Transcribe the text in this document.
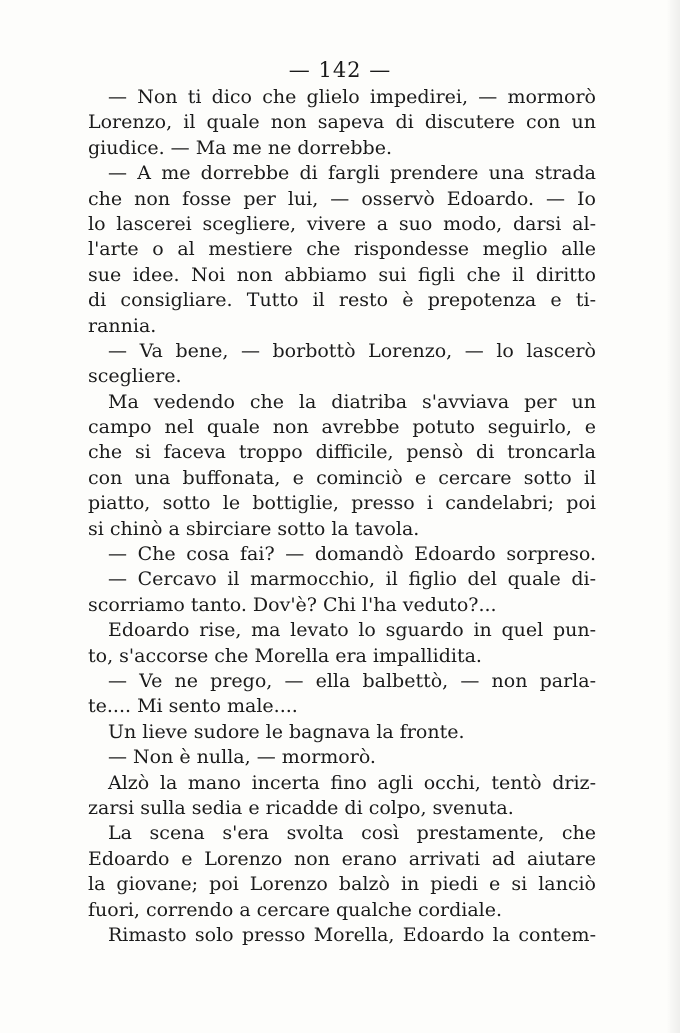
— 142 —
— Non ti dico che glielo impedirei, — mormorò
Lorenzo, il quale non sapeva di discutere con un
giudice. — Ma me ne dorrebbe.
— A me dorrebbe di fargli prendere una strada
che non fosse per lui, — osservò Edoardo. — Io
lo lascerei scegliere, vivere a suo modo, darsi al-
l'arte o al mestiere che rispondesse meglio alle
sue idee. Noi non abbiamo sui figli che il diritto
di consigliare. Tutto il resto è prepotenza e ti-
rannia.
— Va bene, — borbottò Lorenzo, — lo lascerò
scegliere.
Ma vedendo che la diatriba s'avviava per un
campo nel quale non avrebbe potuto seguirlo, e
che si faceva troppo difficile, pensò di troncarla
con una buffonata, e cominciò e cercare sotto il
piatto, sotto le bottiglie, presso i candelabri; poi
si chinò a sbirciare sotto la tavola.
— Che cosa fai? — domandò Edoardo sorpreso.
— Cercavo il marmocchio, il figlio del quale di-
scorriamo tanto. Dov'è? Chi l'ha veduto?...
Edoardo rise, ma levato lo sguardo in quel pun-
to, s'accorse che Morella era impallidita.
— Ve ne prego, — ella balbettò, — non parla-
te.... Mi sento male....
Un lieve sudore le bagnava la fronte.
— Non è nulla, — mormorò.
Alzò la mano incerta fino agli occhi, tentò driz-
zarsi sulla sedia e ricadde di colpo, svenuta.
La scena s'era svolta così prestamente, che
Edoardo e Lorenzo non erano arrivati ad aiutare
la giovane; poi Lorenzo balzò in piedi e si lanciò
fuori, correndo a cercare qualche cordiale.
Rimasto solo presso Morella, Edoardo la contem-
